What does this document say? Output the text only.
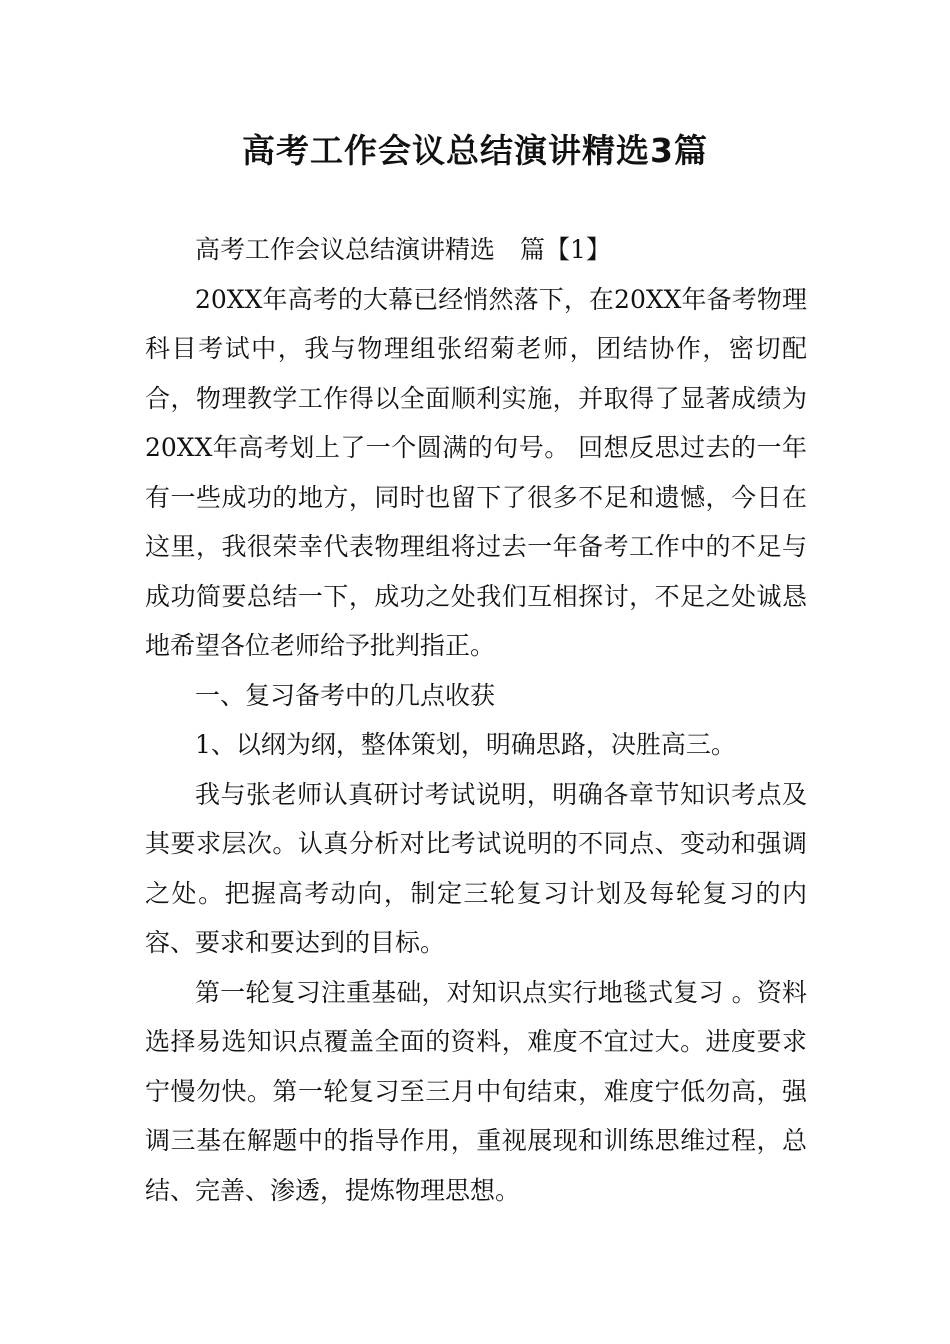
高考工作会议总结演讲精选3篇

高考工作会议总结演讲精选　篇【1】

20XX年高考的大幕已经悄然落下，在20XX年备考物理科目考试中，我与物理组张绍菊老师，团结协作，密切配合，物理教学工作得以全面顺利实施，并取得了显著成绩为20XX年高考划上了一个圆满的句号。 回想反思过去的一年有一些成功的地方，同时也留下了很多不足和遗憾，今日在这里，我很荣幸代表物理组将过去一年备考工作中的不足与成功简要总结一下，成功之处我们互相探讨，不足之处诚恳地希望各位老师给予批判指正。

一、复习备考中的几点收获

1、以纲为纲，整体策划，明确思路，决胜高三。

我与张老师认真研讨考试说明，明确各章节知识考点及其要求层次。认真分析对比考试说明的不同点、变动和强调之处。把握高考动向，制定三轮复习计划及每轮复习的内容、要求和要达到的目标。

第一轮复习注重基础，对知识点实行地毯式复习 。资料选择易选知识点覆盖全面的资料，难度不宜过大。进度要求宁慢勿快。第一轮复习至三月中旬结束，难度宁低勿高，强调三基在解题中的指导作用，重视展现和训练思维过程，总结、完善、渗透，提炼物理思想。
